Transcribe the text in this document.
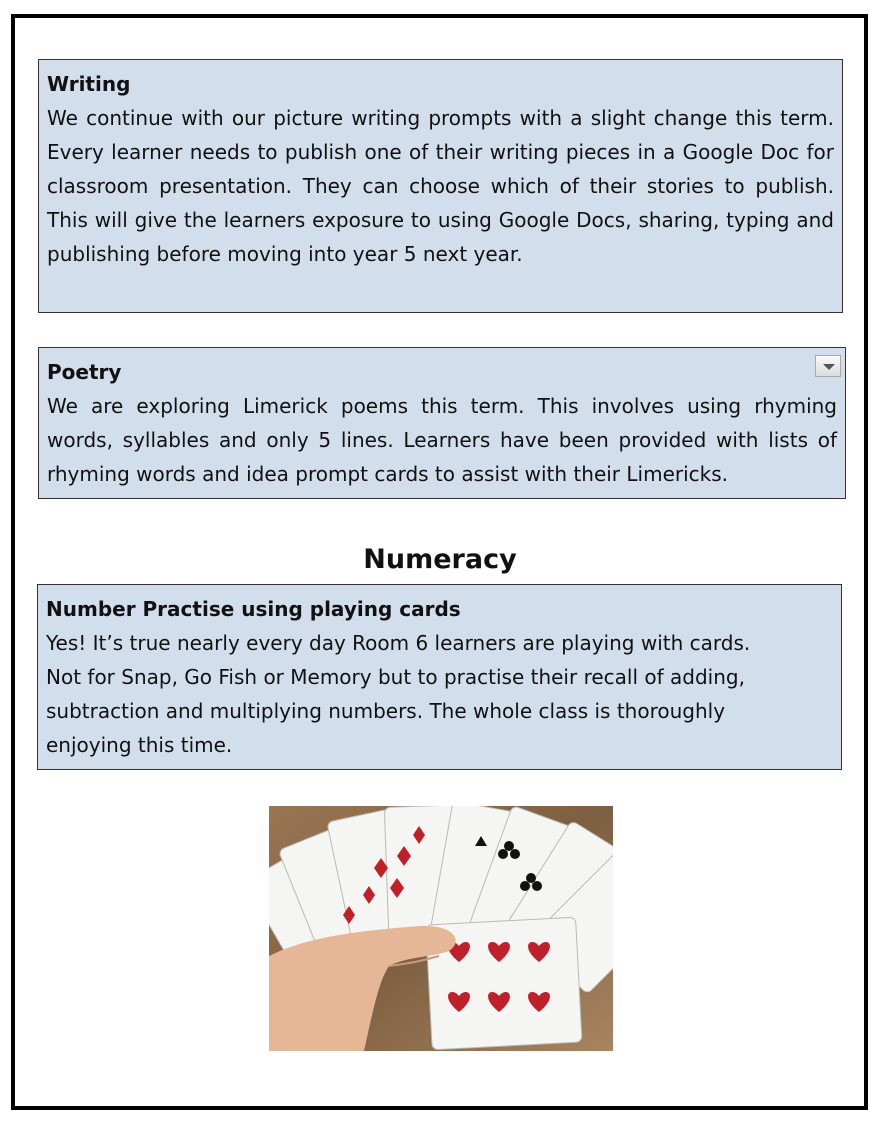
Writing

We continue with our picture writing prompts with a slight change this term. Every learner needs to publish one of their writing pieces in a Google Doc for classroom presentation. They can choose which of their stories to publish. This will give the learners exposure to using Google Docs, sharing, typing and publishing before moving into year 5 next year.

Poetry

We are exploring Limerick poems this term. This involves using rhyming words, syllables and only 5 lines. Learners have been provided with lists of rhyming words and idea prompt cards to assist with their Limericks.

Numeracy
Number Practise using playing cards

Yes! It’s true nearly every day Room 6 learners are playing with cards.

Not for Snap, Go Fish or Memory but to practise their recall of adding,

subtraction and multiplying numbers. The whole class is thoroughly

enjoying this time.
